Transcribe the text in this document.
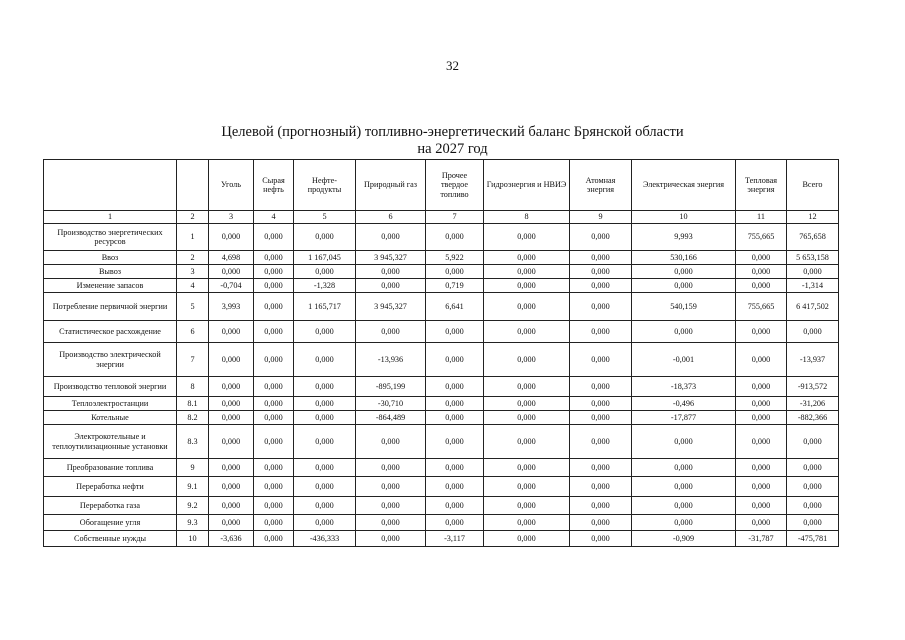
32
Целевой (прогнозный) топливно-энергетический баланс Брянской области
на 2027 год
		Уголь	Сырая нефть	Нефте-продукты	Природный газ	Прочее твердое топливо	Гидроэнергия и НВИЭ	Атомная энергия	Электрическая энергия	Тепловая энергия	Всего
1	2	3	4	5	6	7	8	9	10	11	12
Производство энергетических ресурсов	1	0,000	0,000	0,000	0,000	0,000	0,000	0,000	9,993	755,665	765,658
Ввоз	2	4,698	0,000	1 167,045	3 945,327	5,922	0,000	0,000	530,166	0,000	5 653,158
Вывоз	3	0,000	0,000	0,000	0,000	0,000	0,000	0,000	0,000	0,000	0,000
Изменение запасов	4	-0,704	0,000	-1,328	0,000	0,719	0,000	0,000	0,000	0,000	-1,314
Потребление первичной энергии	5	3,993	0,000	1 165,717	3 945,327	6,641	0,000	0,000	540,159	755,665	6 417,502
Статистическое расхождение	6	0,000	0,000	0,000	0,000	0,000	0,000	0,000	0,000	0,000	0,000
Производство электрической энергии	7	0,000	0,000	0,000	-13,936	0,000	0,000	0,000	-0,001	0,000	-13,937
Производство тепловой энергии	8	0,000	0,000	0,000	-895,199	0,000	0,000	0,000	-18,373	0,000	-913,572
Теплоэлектростанции	8.1	0,000	0,000	0,000	-30,710	0,000	0,000	0,000	-0,496	0,000	-31,206
Котельные	8.2	0,000	0,000	0,000	-864,489	0,000	0,000	0,000	-17,877	0,000	-882,366
Электрокотельные и теплоутилизационные установки	8.3	0,000	0,000	0,000	0,000	0,000	0,000	0,000	0,000	0,000	0,000
Преобразование топлива	9	0,000	0,000	0,000	0,000	0,000	0,000	0,000	0,000	0,000	0,000
Переработка нефти	9.1	0,000	0,000	0,000	0,000	0,000	0,000	0,000	0,000	0,000	0,000
Переработка газа	9.2	0,000	0,000	0,000	0,000	0,000	0,000	0,000	0,000	0,000	0,000
Обогащение угля	9.3	0,000	0,000	0,000	0,000	0,000	0,000	0,000	0,000	0,000	0,000
Собственные нужды	10	-3,636	0,000	-436,333	0,000	-3,117	0,000	0,000	-0,909	-31,787	-475,781
